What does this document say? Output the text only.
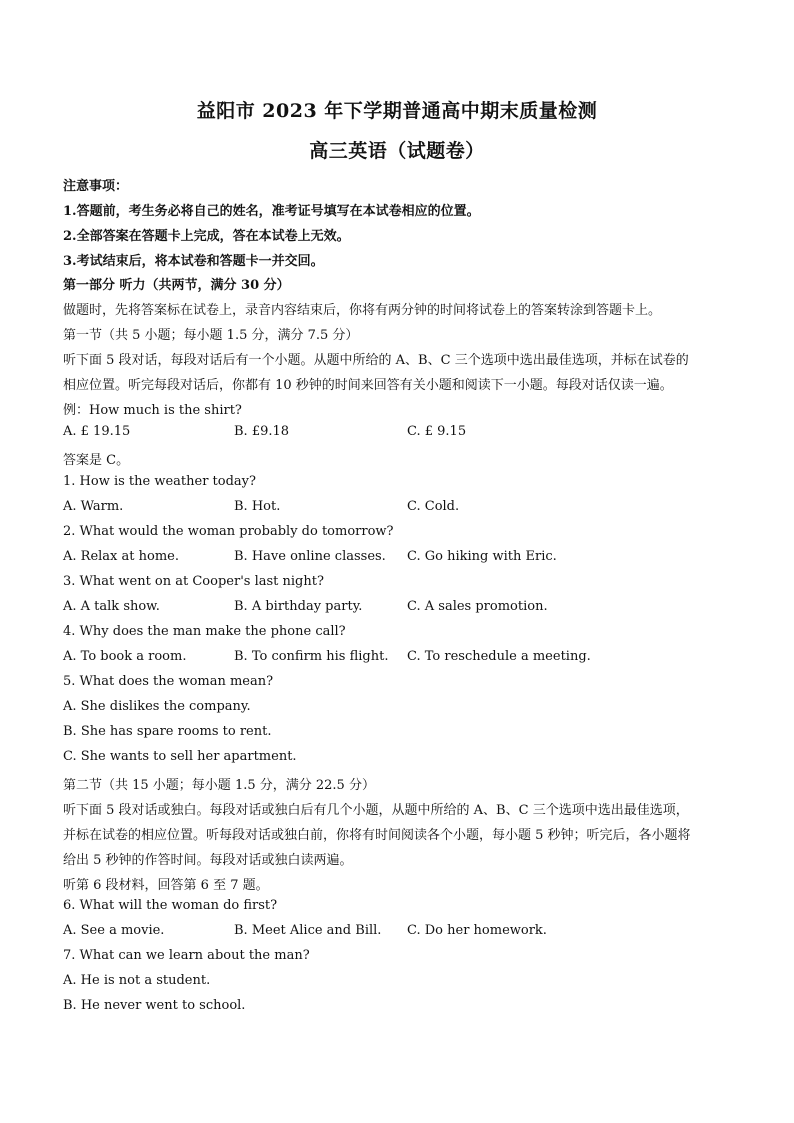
益阳市 2023 年下学期普通高中期末质量检测
高三英语（试题卷）
注意事项：
1.答题前，考生务必将自己的姓名，准考证号填写在本试卷相应的位置。
2.全部答案在答题卡上完成，答在本试卷上无效。
3.考试结束后，将本试卷和答题卡一并交回。
第一部分 听力（共两节，满分 30 分）
做题时，先将答案标在试卷上，录音内容结束后，你将有两分钟的时间将试卷上的答案转涂到答题卡上。
第一节（共 5 小题；每小题 1.5 分，满分 7.5 分）
听下面 5 段对话，每段对话后有一个小题。从题中所给的 A、B、C 三个选项中选出最佳选项，并标在试卷的
相应位置。听完每段对话后，你都有 10 秒钟的时间来回答有关小题和阅读下一小题。每段对话仅读一遍。
例：How much is the shirt?
A. £ 19.15	B. £9.18	C. £ 9.15
答案是 C。
1. How is the weather today?
A. Warm.	B. Hot.	C. Cold.
2. What would the woman probably do tomorrow?
A. Relax at home.	B. Have online classes. C. Go hiking with Eric.
3. What went on at Cooper's last night?
A. A talk show.	B. A birthday party.	C. A sales promotion.
4. Why does the man make the phone call?
A. To book a room.	B. To confirm his flight. C. To reschedule a meeting.
5. What does the woman mean?
A. She dislikes the company.
B. She has spare rooms to rent.
C. She wants to sell her apartment.
第二节（共 15 小题；每小题 1.5 分，满分 22.5 分）
听下面 5 段对话或独白。每段对话或独白后有几个小题，从题中所给的 A、B、C 三个选项中选出最佳选项，
并标在试卷的相应位置。听每段对话或独白前，你将有时间阅读各个小题，每小题 5 秒钟；听完后，各小题将
给出 5 秒钟的作答时间。每段对话或独白读两遍。
听第 6 段材料，回答第 6 至 7 题。
6. What will the woman do first?
A. See a movie.	B. Meet Alice and Bill. C. Do her homework.
7. What can we learn about the man?
A. He is not a student.
B. He never went to school.
